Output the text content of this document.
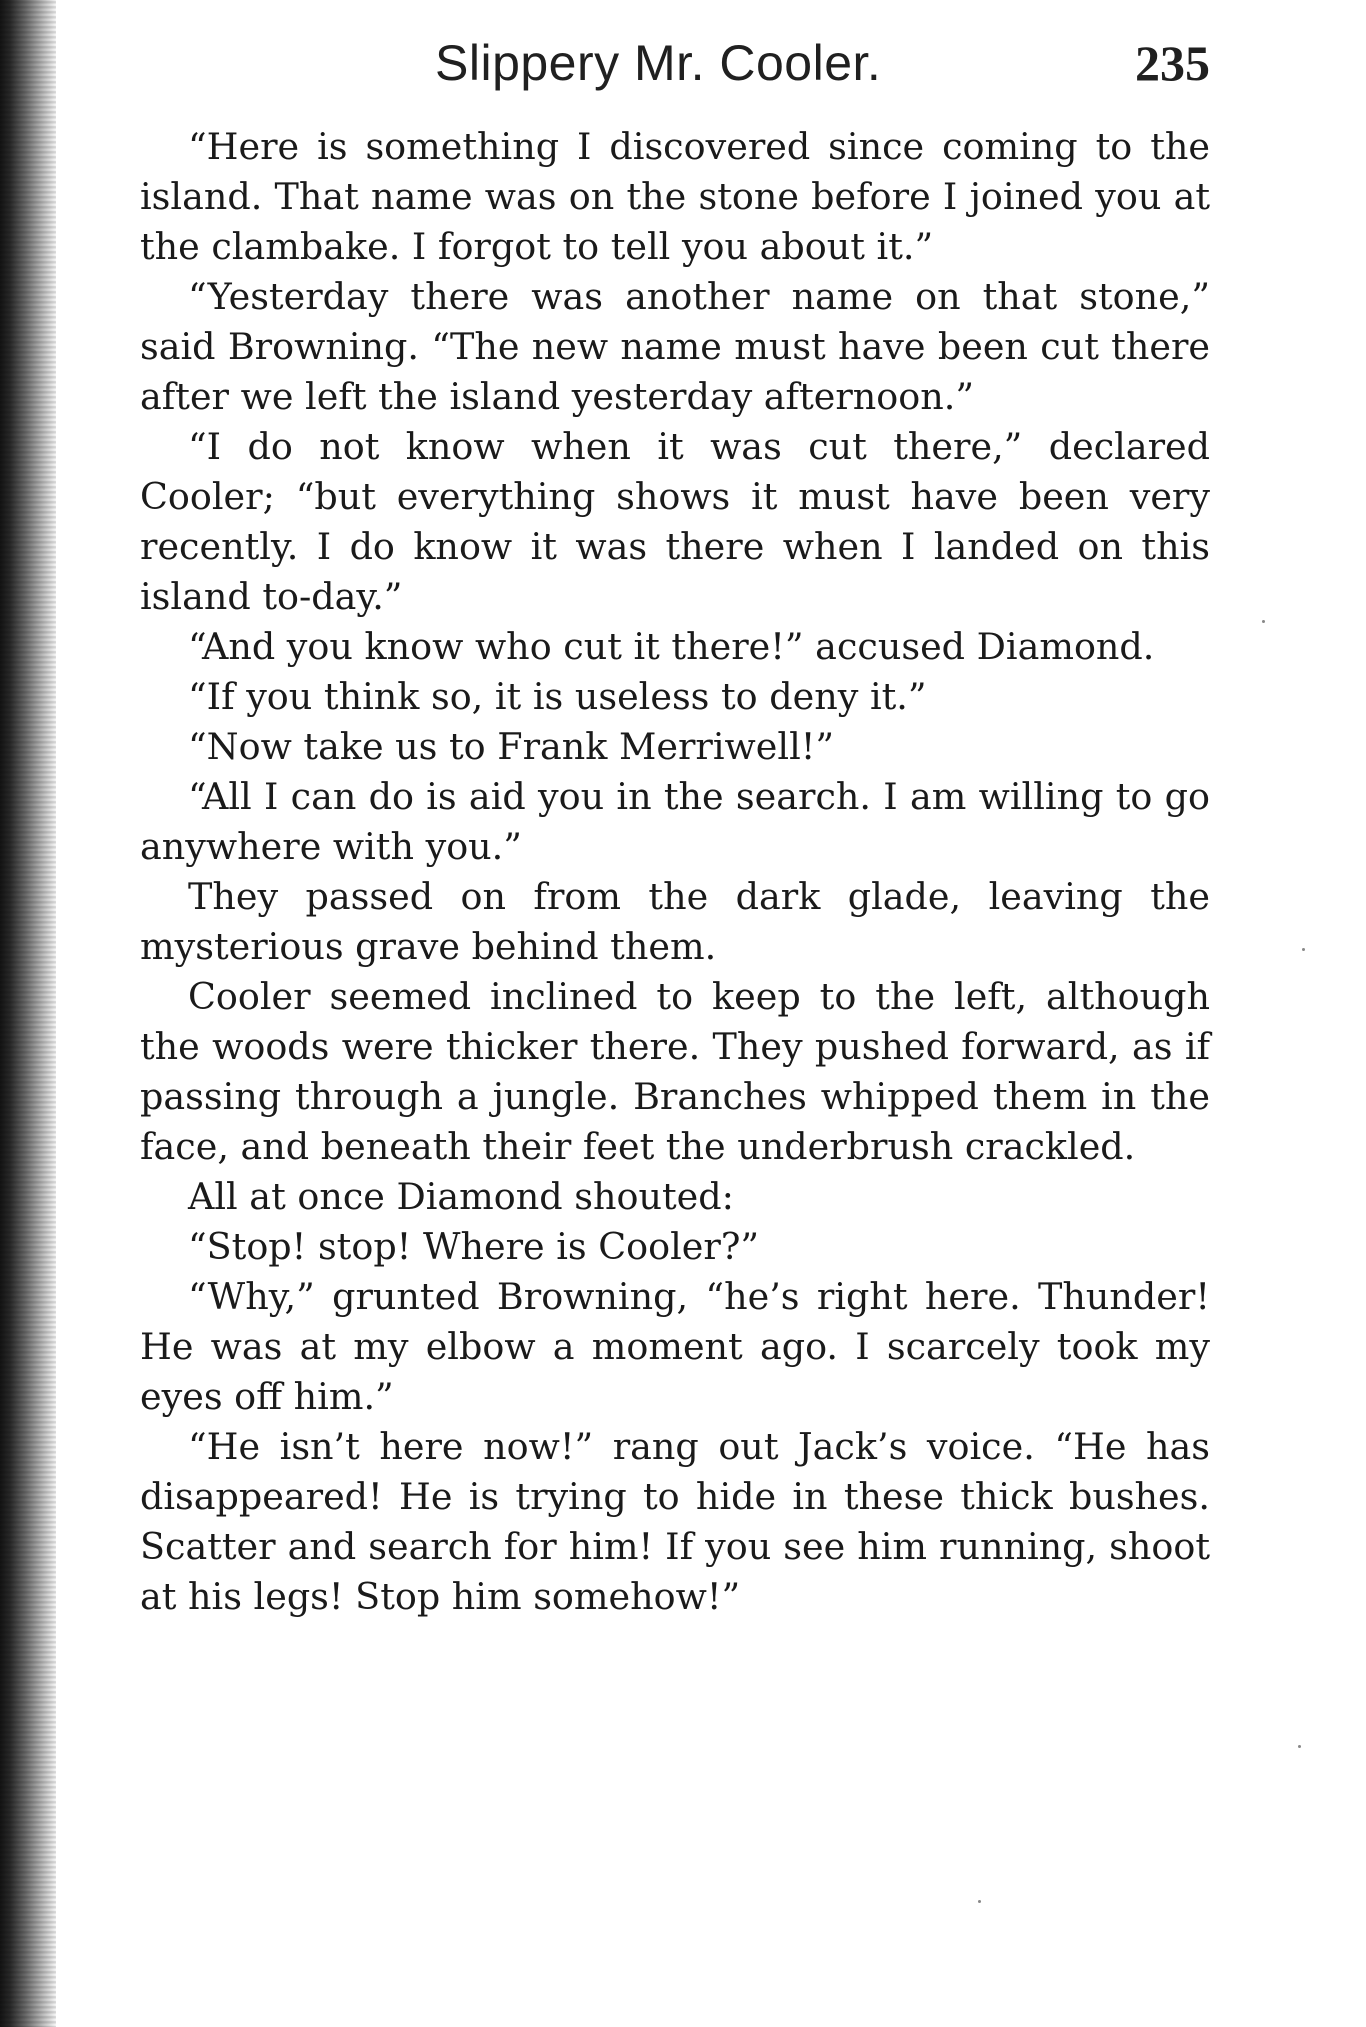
Slippery Mr. Cooler.	235

“Here is something I discovered since coming to the island. That name was on the stone before I joined you at the clambake. I forgot to tell you about it.”

“Yesterday there was another name on that stone,” said Browning. “The new name must have been cut there after we left the island yesterday afternoon.”

“I do not know when it was cut there,” declared Cooler; “but everything shows it must have been very recently. I do know it was there when I landed on this island to-day.”

“And you know who cut it there!” accused Diamond.

“If you think so, it is useless to deny it.”

“Now take us to Frank Merriwell!”

“All I can do is aid you in the search. I am willing to go anywhere with you.”

They passed on from the dark glade, leaving the mysterious grave behind them.

Cooler seemed inclined to keep to the left, although the woods were thicker there. They pushed forward, as if passing through a jungle. Branches whipped them in the face, and beneath their feet the underbrush crackled.

All at once Diamond shouted:

“Stop! stop! Where is Cooler?”

“Why,” grunted Browning, “he’s right here. Thunder! He was at my elbow a moment ago. I scarcely took my eyes off him.”

“He isn’t here now!” rang out Jack’s voice. “He has disappeared! He is trying to hide in these thick bushes. Scatter and search for him! If you see him running, shoot at his legs! Stop him somehow!”
